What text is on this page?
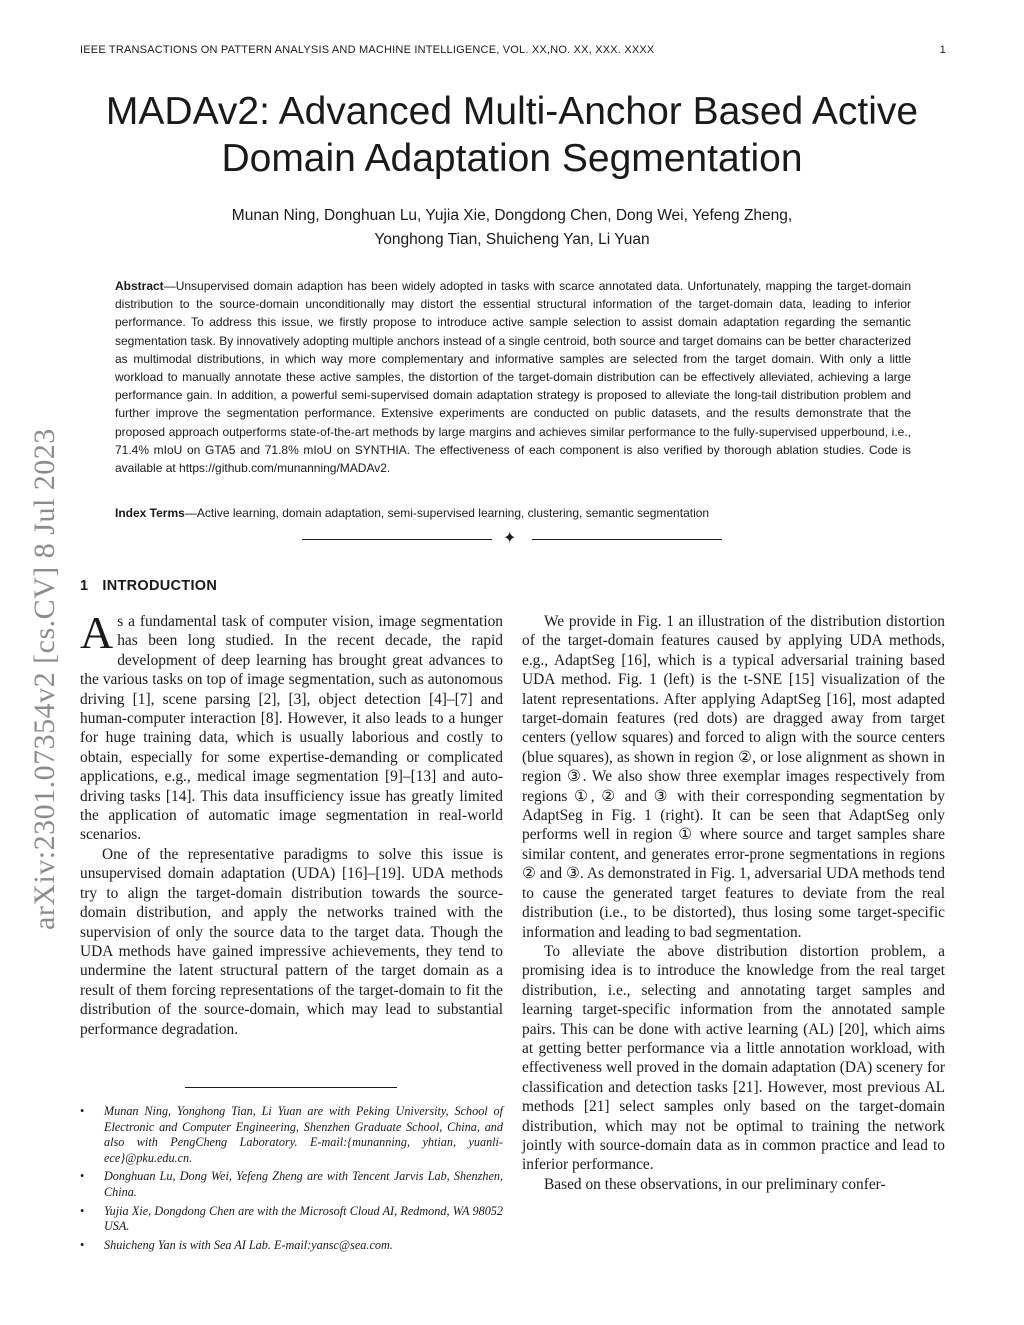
IEEE TRANSACTIONS ON PATTERN ANALYSIS AND MACHINE INTELLIGENCE, VOL. XX,NO. XX, XXX. XXXX	1
arXiv:2301.07354v2 [cs.CV] 8 Jul 2023
MADAv2: Advanced Multi-Anchor Based Active
Domain Adaptation Segmentation
Munan Ning, Donghuan Lu, Yujia Xie, Dongdong Chen, Dong Wei, Yefeng Zheng,
Yonghong Tian, Shuicheng Yan, Li Yuan

Abstract—Unsupervised domain adaption has been widely adopted in tasks with scarce annotated data. Unfortunately, mapping the target-domain distribution to the source-domain unconditionally may distort the essential structural information of the target-domain data, leading to inferior performance. To address this issue, we firstly propose to introduce active sample selection to assist domain adaptation regarding the semantic segmentation task. By innovatively adopting multiple anchors instead of a single centroid, both source and target domains can be better characterized as multimodal distributions, in which way more complementary and informative samples are selected from the target domain. With only a little workload to manually annotate these active samples, the distortion of the target-domain distribution can be effectively alleviated, achieving a large performance gain. In addition, a powerful semi-supervised domain adaptation strategy is proposed to alleviate the long-tail distribution problem and further improve the segmentation performance. Extensive experiments are conducted on public datasets, and the results demonstrate that the proposed approach outperforms state-of-the-art methods by large margins and achieves similar performance to the fully-supervised upperbound, i.e., 71.4% mIoU on GTA5 and 71.8% mIoU on SYNTHIA. The effectiveness of each component is also verified by thorough ablation studies. Code is available at https://github.com/munanning/MADAv2.

Index Terms—Active learning, domain adaptation, semi-supervised learning, clustering, semantic segmentation

✦
1 INTRODUCTION

As a fundamental task of computer vision, image segmentation has been long studied. In the recent decade, the rapid development of deep learning has brought great advances to the various tasks on top of image segmentation, such as autonomous driving [1], scene parsing [2], [3], object detection [4]–[7] and human-computer interaction [8]. However, it also leads to a hunger for huge training data, which is usually laborious and costly to obtain, especially for some expertise-demanding or complicated applications, e.g., medical image segmentation [9]–[13] and auto-driving tasks [14]. This data insufficiency issue has greatly limited the application of automatic image segmentation in real-world scenarios.

One of the representative paradigms to solve this issue is unsupervised domain adaptation (UDA) [16]–[19]. UDA methods try to align the target-domain distribution towards the source-domain distribution, and apply the networks trained with the supervision of only the source data to the target data. Though the UDA methods have gained impressive achievements, they tend to undermine the latent structural pattern of the target domain as a result of them forcing representations of the target-domain to fit the distribution of the source-domain, which may lead to substantial performance degradation.

• Munan Ning, Yonghong Tian, Li Yuan are with Peking University, School of Electronic and Computer Engineering, Shenzhen Graduate School, China, and also with PengCheng Laboratory. E-mail:{munanning, yhtian, yuanli-ece}@pku.edu.cn.
• Donghuan Lu, Dong Wei, Yefeng Zheng are with Tencent Jarvis Lab, Shenzhen, China.
• Yujia Xie, Dongdong Chen are with the Microsoft Cloud AI, Redmond, WA 98052 USA.
• Shuicheng Yan is with Sea AI Lab. E-mail:yansc@sea.com.

We provide in Fig. 1 an illustration of the distribution distortion of the target-domain features caused by applying UDA methods, e.g., AdaptSeg [16], which is a typical adversarial training based UDA method. Fig. 1 (left) is the t-SNE [15] visualization of the latent representations. After applying AdaptSeg [16], most adapted target-domain features (red dots) are dragged away from target centers (yellow squares) and forced to align with the source centers (blue squares), as shown in region ②, or lose alignment as shown in region ③. We also show three exemplar images respectively from regions ①, ② and ③ with their corresponding segmentation by AdaptSeg in Fig. 1 (right). It can be seen that AdaptSeg only performs well in region ① where source and target samples share similar content, and generates error-prone segmentations in regions ② and ③. As demonstrated in Fig. 1, adversarial UDA methods tend to cause the generated target features to deviate from the real distribution (i.e., to be distorted), thus losing some target-specific information and leading to bad segmentation.

To alleviate the above distribution distortion problem, a promising idea is to introduce the knowledge from the real target distribution, i.e., selecting and annotating target samples and learning target-specific information from the annotated sample pairs. This can be done with active learning (AL) [20], which aims at getting better performance via a little annotation workload, with effectiveness well proved in the domain adaptation (DA) scenery for classification and detection tasks [21]. However, most previous AL methods [21] select samples only based on the target-domain distribution, which may not be optimal to training the network jointly with source-domain data as in common practice and lead to inferior performance.

Based on these observations, in our preliminary confer-
